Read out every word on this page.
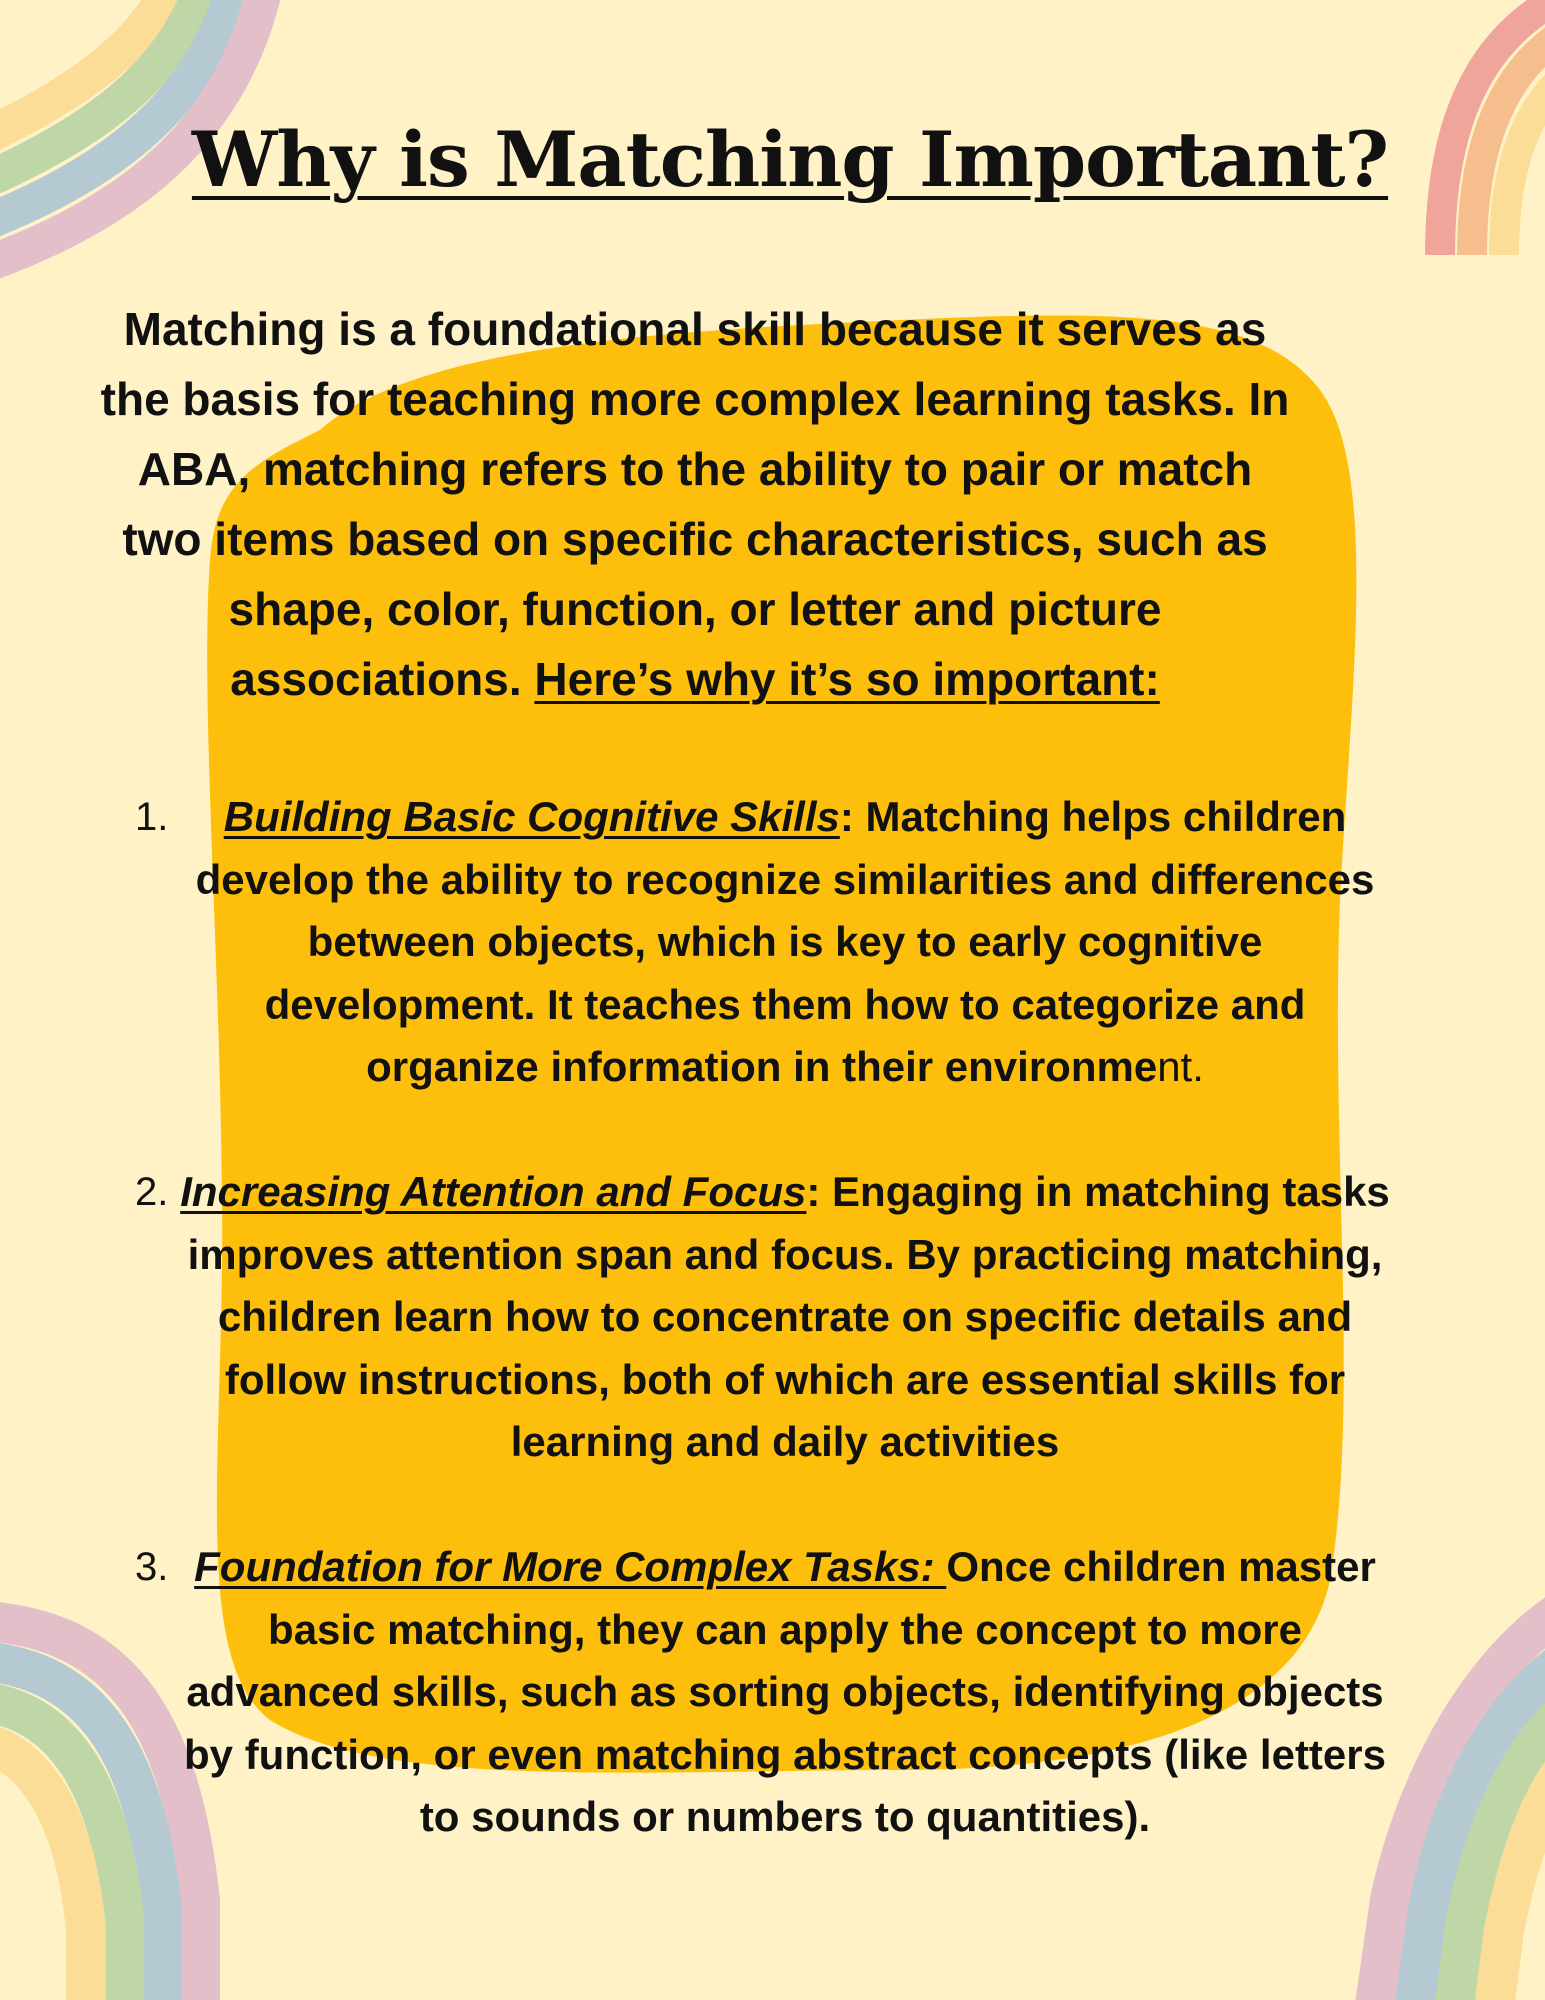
Why is Matching Important?

Matching is a foundational skill because it serves as the basis for teaching more complex learning tasks. In ABA, matching refers to the ability to pair or match two items based on specific characteristics, such as shape, color, function, or letter and picture associations. Here’s why it’s so important:

1.	Building Basic Cognitive Skills: Matching helps children develop the ability to recognize similarities and differences between objects, which is key to early cognitive development. It teaches them how to categorize and organize information in their environment.
2. Increasing Attention and Focus: Engaging in matching tasks improves attention span and focus. By practicing matching, children learn how to concentrate on specific details and follow instructions, both of which are essential skills for learning and daily activities
3. Foundation for More Complex Tasks: Once children master basic matching, they can apply the concept to more advanced skills, such as sorting objects, identifying objects by function, or even matching abstract concepts (like letters to sounds or numbers to quantities).
